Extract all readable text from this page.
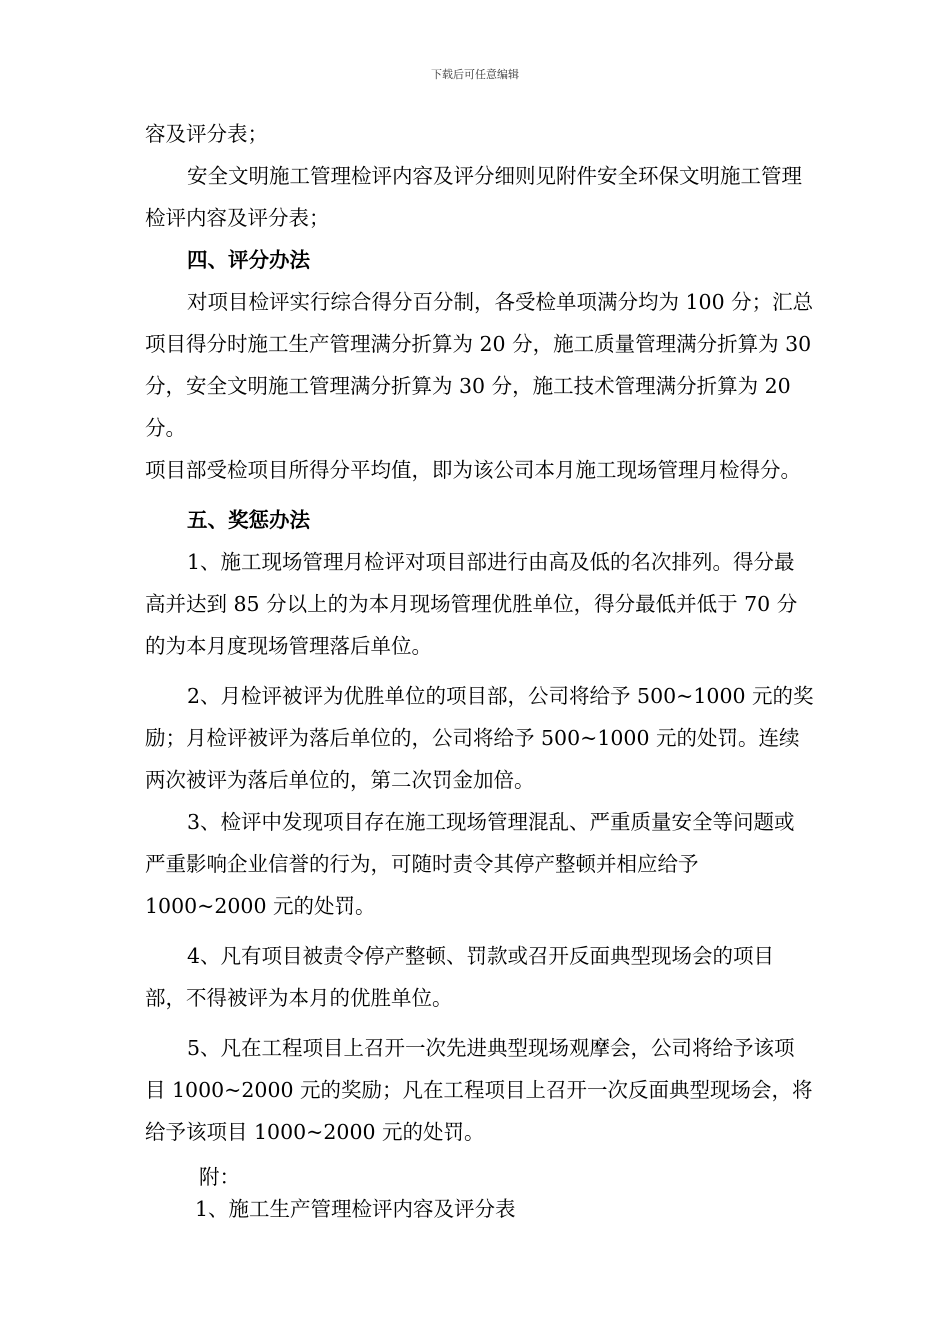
下载后可任意编辑

容及评分表；

安全文明施工管理检评内容及评分细则见附件安全环保文明施工管理检评内容及评分表；

四、评分办法

对项目检评实行综合得分百分制，各受检单项满分均为 100 分；汇总项目得分时施工生产管理满分折算为 20 分，施工质量管理满分折算为 30 分，安全文明施工管理满分折算为 30 分，施工技术管理满分折算为 20 分。

项目部受检项目所得分平均值，即为该公司本月施工现场管理月检得分。

五、奖惩办法

1、施工现场管理月检评对项目部进行由高及低的名次排列。得分最高并达到 85 分以上的为本月现场管理优胜单位，得分最低并低于 70 分的为本月度现场管理落后单位。

2、月检评被评为优胜单位的项目部，公司将给予 500~1000 元的奖励；月检评被评为落后单位的，公司将给予 500~1000 元的处罚。连续两次被评为落后单位的，第二次罚金加倍。

3、检评中发现项目存在施工现场管理混乱、严重质量安全等问题或严重影响企业信誉的行为，可随时责令其停产整顿并相应给予 1000~2000 元的处罚。

4、凡有项目被责令停产整顿、罚款或召开反面典型现场会的项目部，不得被评为本月的优胜单位。

5、凡在工程项目上召开一次先进典型现场观摩会，公司将给予该项目 1000~2000 元的奖励；凡在工程项目上召开一次反面典型现场会，将给予该项目 1000~2000 元的处罚。

附：

1、施工生产管理检评内容及评分表
